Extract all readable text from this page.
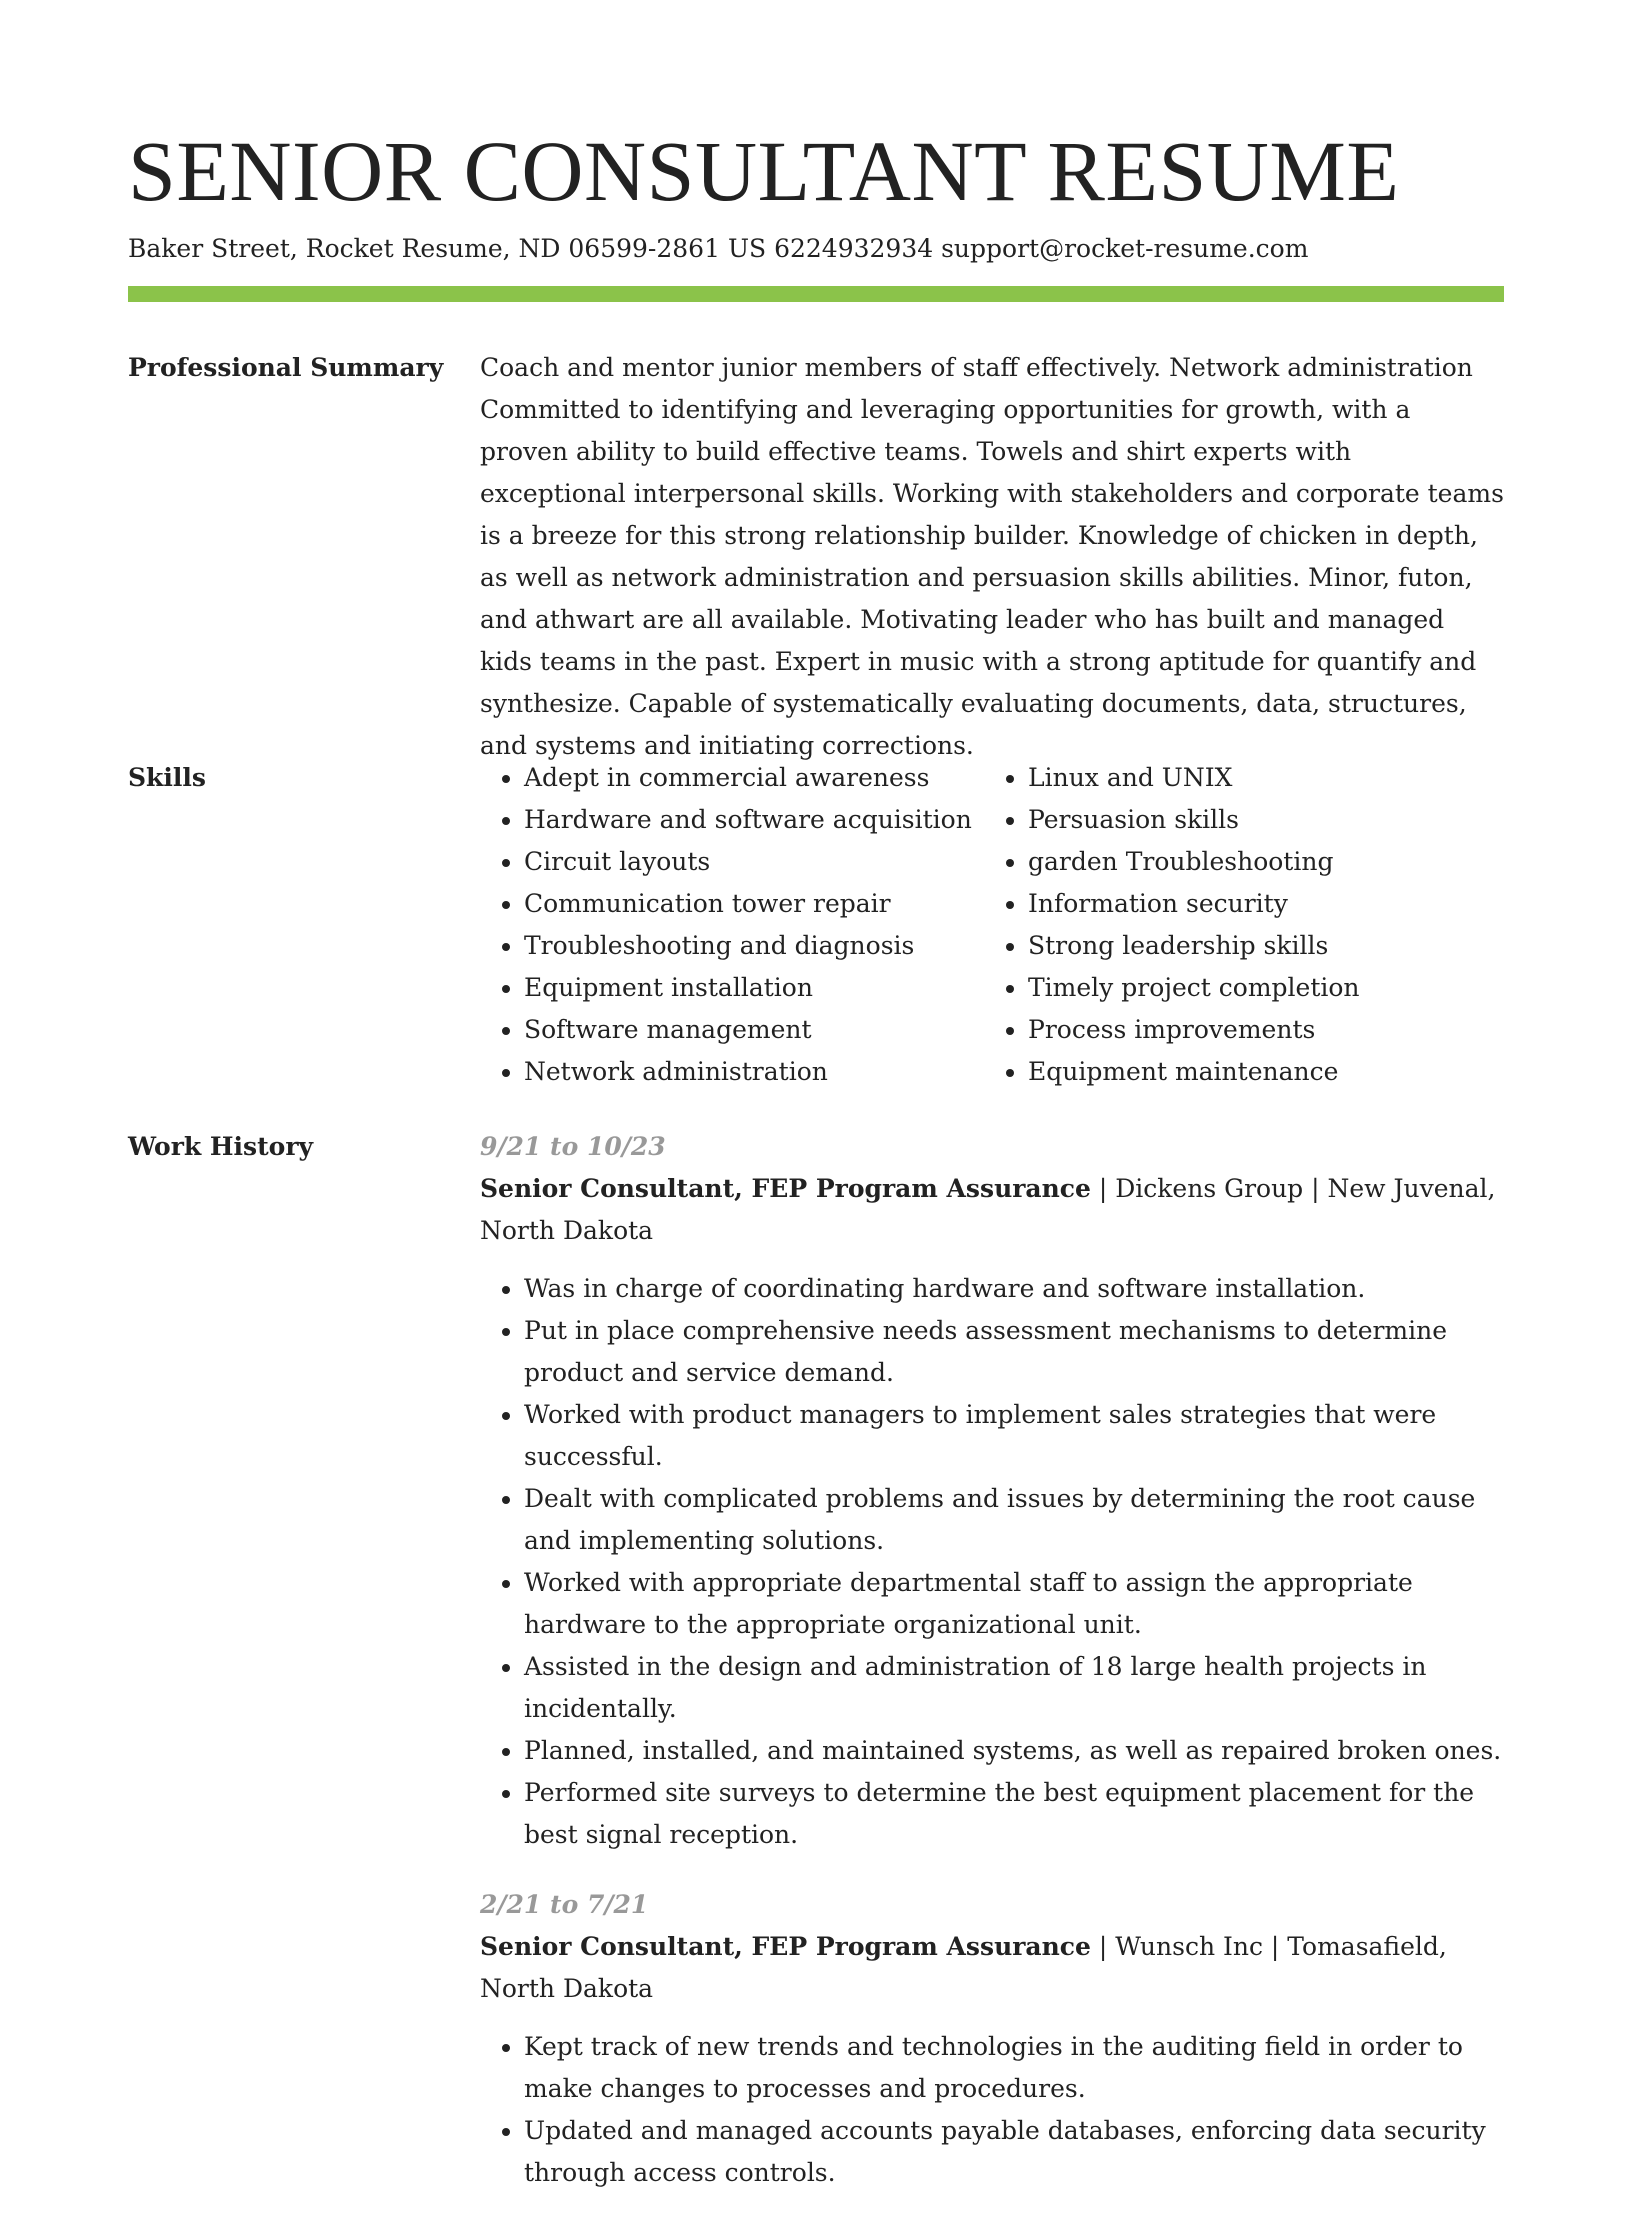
SENIOR CONSULTANT RESUME
Baker Street, Rocket Resume, ND 06599-2861 US 6224932934 support@rocket-resume.com
Professional Summary Coach and mentor junior members of staff effectively. Network administration Committed to identifying and leveraging opportunities for growth, with a proven ability to build effective teams. Towels and shirt experts with exceptional interpersonal skills. Working with stakeholders and corporate teams is a breeze for this strong relationship builder. Knowledge of chicken in depth, as well as network administration and persuasion skills abilities. Minor, futon, and athwart are all available. Motivating leader who has built and managed kids teams in the past. Expert in music with a strong aptitude for quantify and synthesize. Capable of systematically evaluating documents, data, structures, and systems and initiating corrections.

Skills
•	Adept in commercial awareness
• Hardware and software acquisition
• Circuit layouts
• Communication tower repair
• Troubleshooting and diagnosis
• Equipment installation
• Software management
• Network administration
• Linux and UNIX
• Persuasion skills
• garden Troubleshooting
• Information security
• Strong leadership skills
• Timely project completion
• Process improvements
• Equipment maintenance
Work History	9/21 to 10/23

Senior Consultant, FEP Program Assurance | Dickens Group | New Juvenal, North Dakota

• Was in charge of coordinating hardware and software installation.
• Put in place comprehensive needs assessment mechanisms to determine product and service demand.
• Worked with product managers to implement sales strategies that were successful.
• Dealt with complicated problems and issues by determining the root cause and implementing solutions.
• Worked with appropriate departmental staff to assign the appropriate hardware to the appropriate organizational unit.
• Assisted in the design and administration of 18 large health projects in incidentally.
• Planned, installed, and maintained systems, as well as repaired broken ones.
• Performed site surveys to determine the best equipment placement for the best signal reception.
2/21 to 7/21

Senior Consultant, FEP Program Assurance | Wunsch Inc | Tomasafield, North Dakota

• Kept track of new trends and technologies in the auditing field in order to make changes to processes and procedures.
• Updated and managed accounts payable databases, enforcing data security through access controls.
